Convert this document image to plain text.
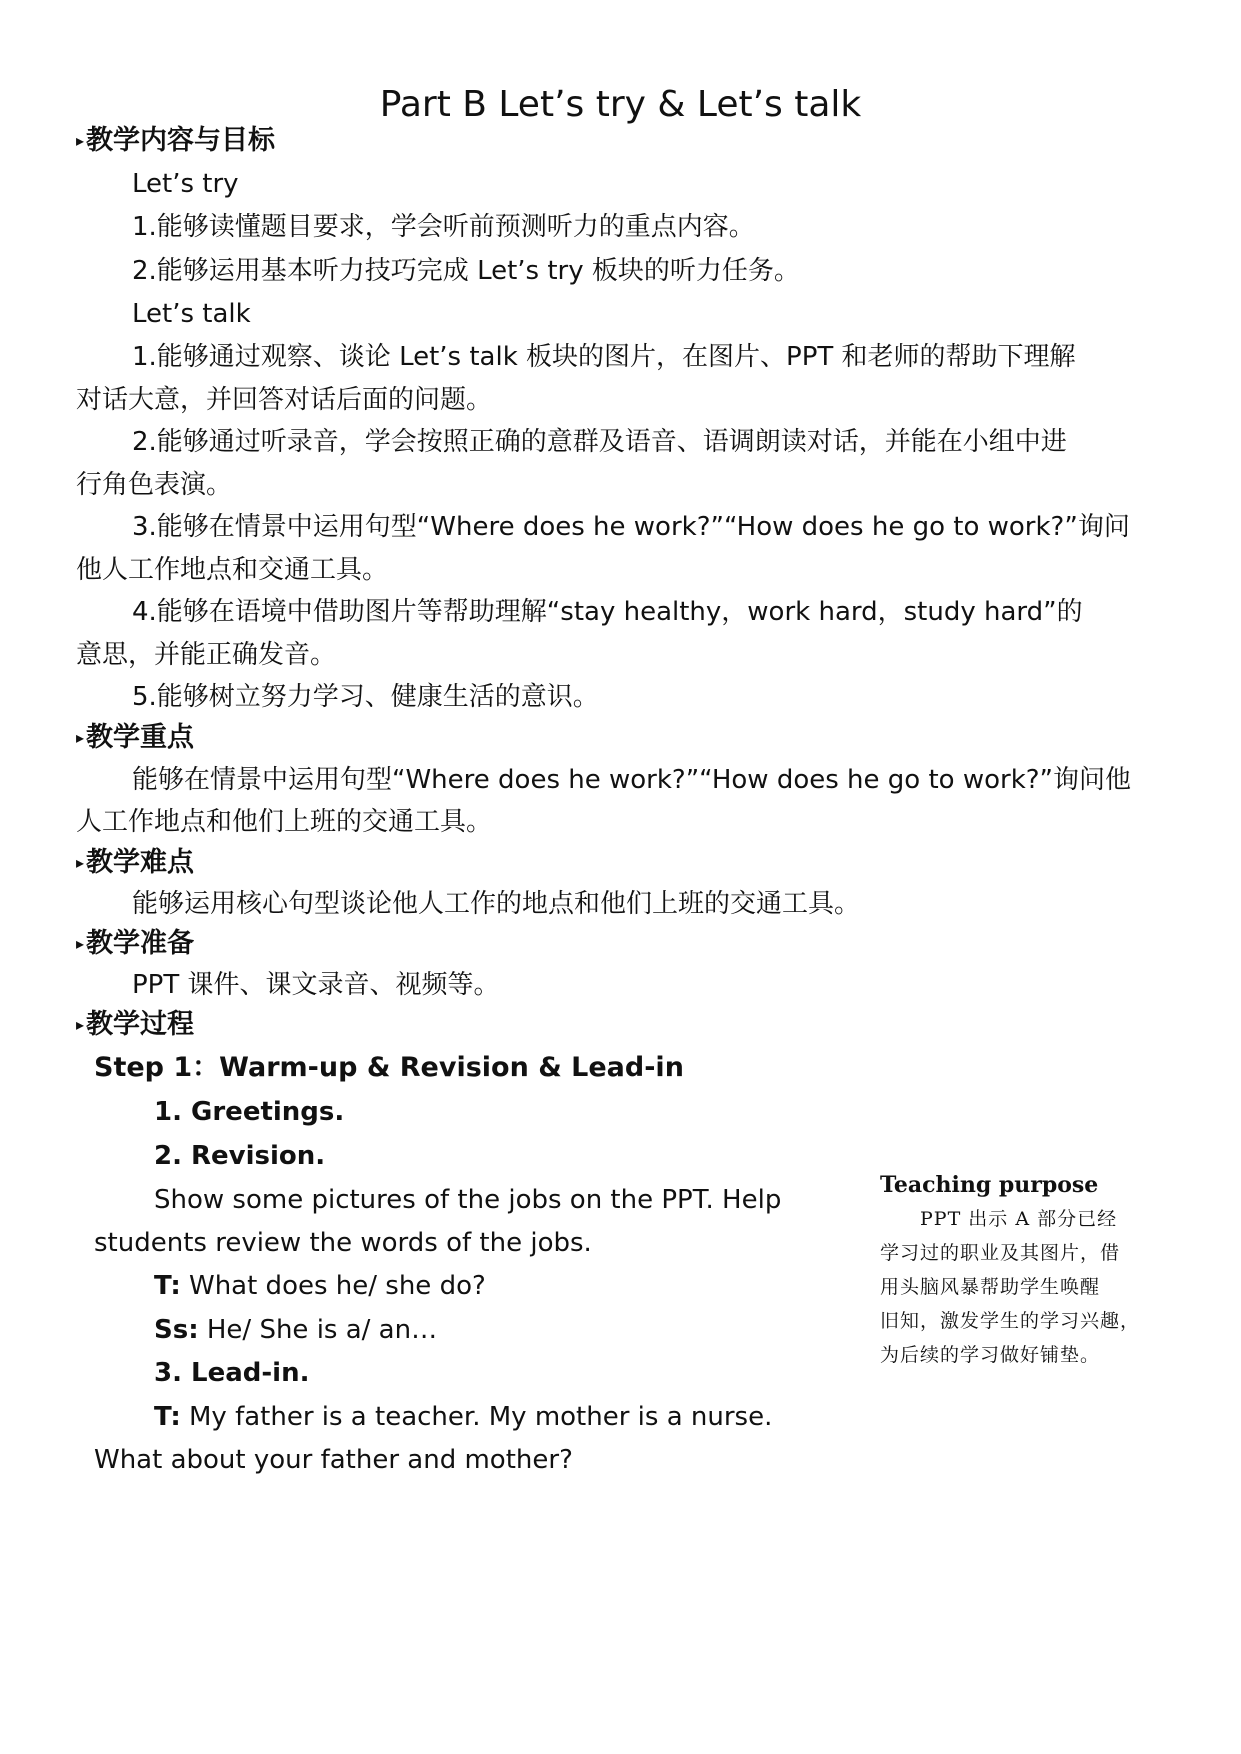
Part B Let’s try & Let’s talk
▸教学内容与目标
Let’s try
1.能够读懂题目要求，学会听前预测听力的重点内容。
2.能够运用基本听力技巧完成 Let’s try 板块的听力任务。
Let’s talk
1.能够通过观察、谈论 Let’s talk 板块的图片，在图片、PPT 和老师的帮助下理解
对话大意，并回答对话后面的问题。
2.能够通过听录音，学会按照正确的意群及语音、语调朗读对话，并能在小组中进
行角色表演。
3.能够在情景中运用句型“Where does he work?”“How does he go to work?”询问
他人工作地点和交通工具。
4.能够在语境中借助图片等帮助理解“stay healthy，work hard，study hard”的
意思，并能正确发音。
5.能够树立努力学习、健康生活的意识。
▸教学重点
能够在情景中运用句型“Where does he work?”“How does he go to work?”询问他
人工作地点和他们上班的交通工具。
▸教学难点
能够运用核心句型谈论他人工作的地点和他们上班的交通工具。
▸教学准备
PPT 课件、课文录音、视频等。
▸教学过程
Step 1：Warm-up & Revision & Lead-in
1. Greetings.
2. Revision.
Show some pictures of the jobs on the PPT. Help
students review the words of the jobs.
T: What does he/ she do?
Ss: He/ She is a/ an…
3. Lead-in.
T: My father is a teacher. My mother is a nurse.
What about your father and mother?
Teaching purpose
PPT 出示 A 部分已经
学习过的职业及其图片，借
用头脑风暴帮助学生唤醒
旧知，激发学生的学习兴趣，
为后续的学习做好铺垫。
